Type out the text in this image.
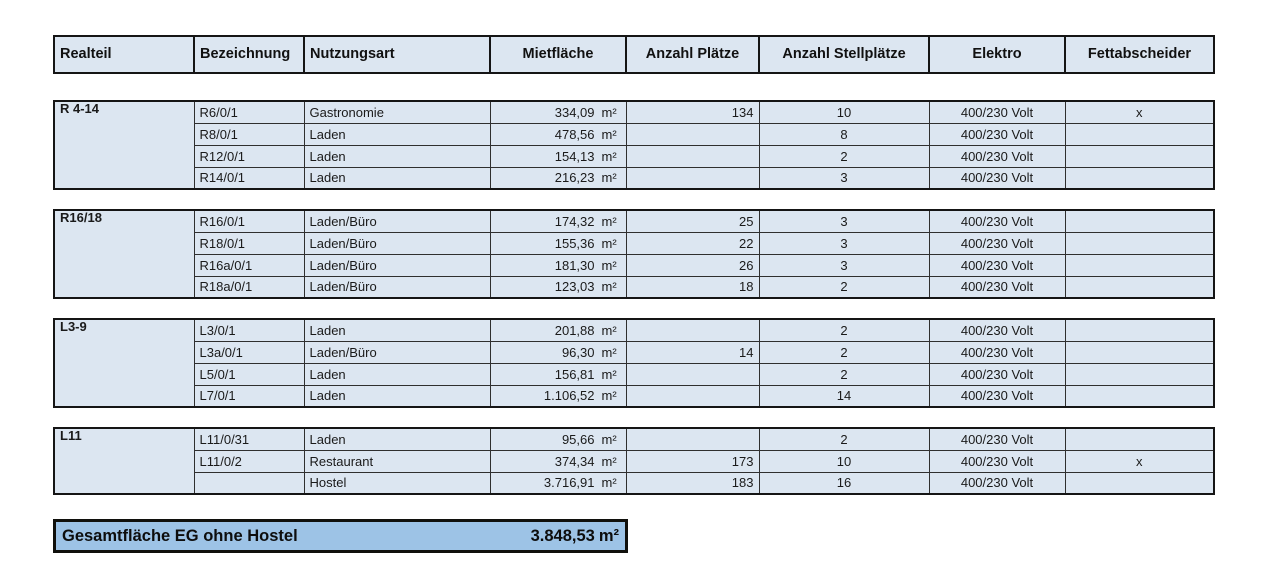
Realteil	Bezeichnung	Nutzungsart	Mietfläche	Anzahl Plätze	Anzahl Stellplätze	Elektro	Fettabscheider
R 4-14	R6/0/1	Gastronomie	334,09 m²	134	10	400/230 Volt	x
	R8/0/1	Laden	478,56 m²		8	400/230 Volt	
	R12/0/1	Laden	154,13 m²		2	400/230 Volt	
	R14/0/1	Laden	216,23 m²		3	400/230 Volt	
R16/18	R16/0/1	Laden/Büro	174,32 m²	25	3	400/230 Volt	
	R18/0/1	Laden/Büro	155,36 m²	22	3	400/230 Volt	
	R16a/0/1	Laden/Büro	181,30 m²	26	3	400/230 Volt	
	R18a/0/1	Laden/Büro	123,03 m²	18	2	400/230 Volt	
L3-9	L3/0/1	Laden	201,88 m²		2	400/230 Volt	
	L3a/0/1	Laden/Büro	96,30 m²	14	2	400/230 Volt	
	L5/0/1	Laden	156,81 m²		2	400/230 Volt	
	L7/0/1	Laden	1.106,52 m²		14	400/230 Volt	
L11	L11/0/31	Laden	95,66 m²		2	400/230 Volt	
	L11/0/2	Restaurant	374,34 m²	173	10	400/230 Volt	x
		Hostel	3.716,91 m²	183	16	400/230 Volt	
Gesamtfläche EG ohne Hostel	3.848,53 m²
